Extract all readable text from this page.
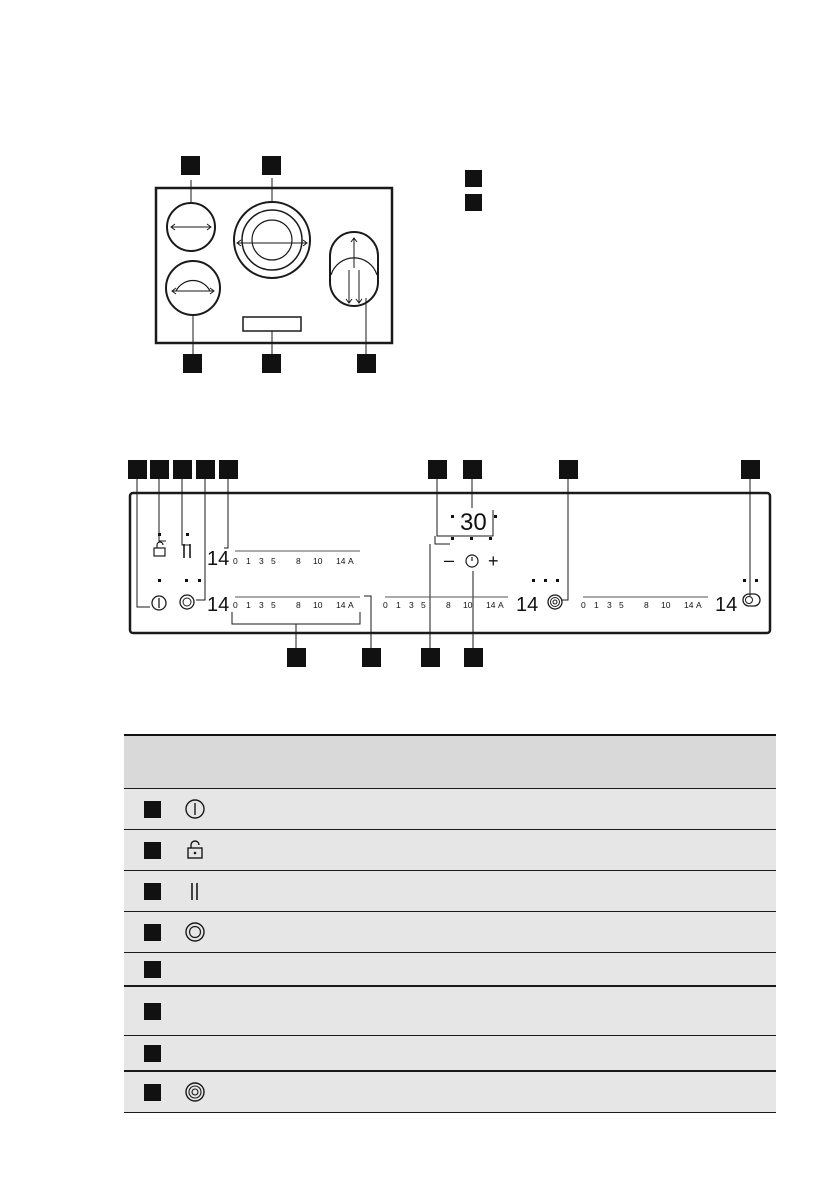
14
14	14	14
0 1 3 5 8 10 14 A
0 1 3 5 8 10 14 A	0 1 3 5 8 10 14 A	0 1 3 5 8 10 14 A
30
– +
